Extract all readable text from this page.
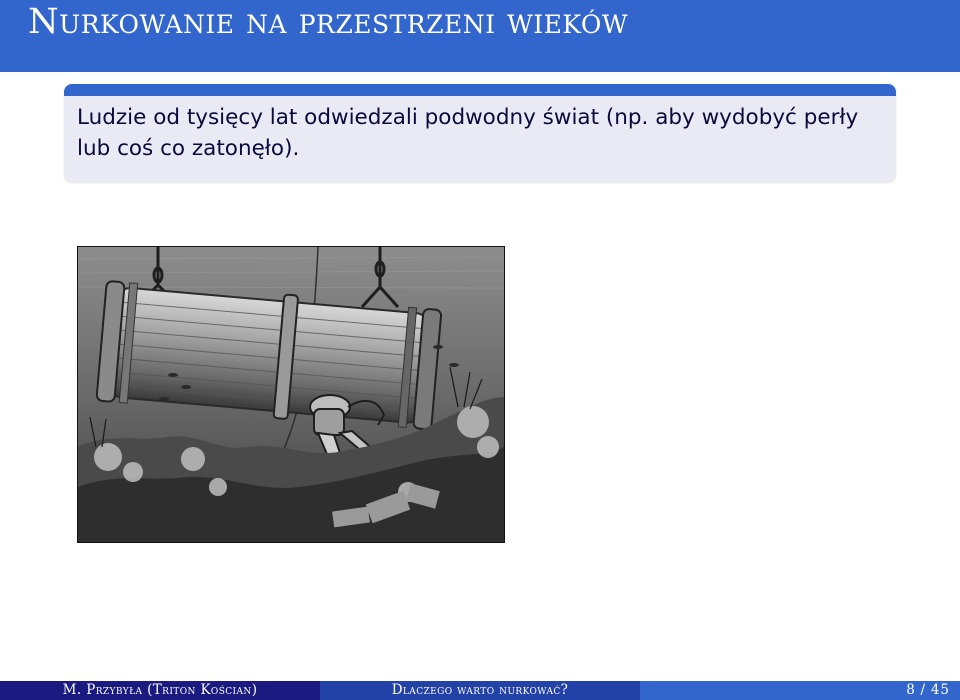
Nurkowanie na przestrzeni wieków
Ludzie od tysięcy lat odwiedzali podwodny świat (np. aby wydobyć perły lub coś co zatonęło).
M. Przybyła (Triton Kościan)	Dlaczego warto nurkować?	8 / 45
